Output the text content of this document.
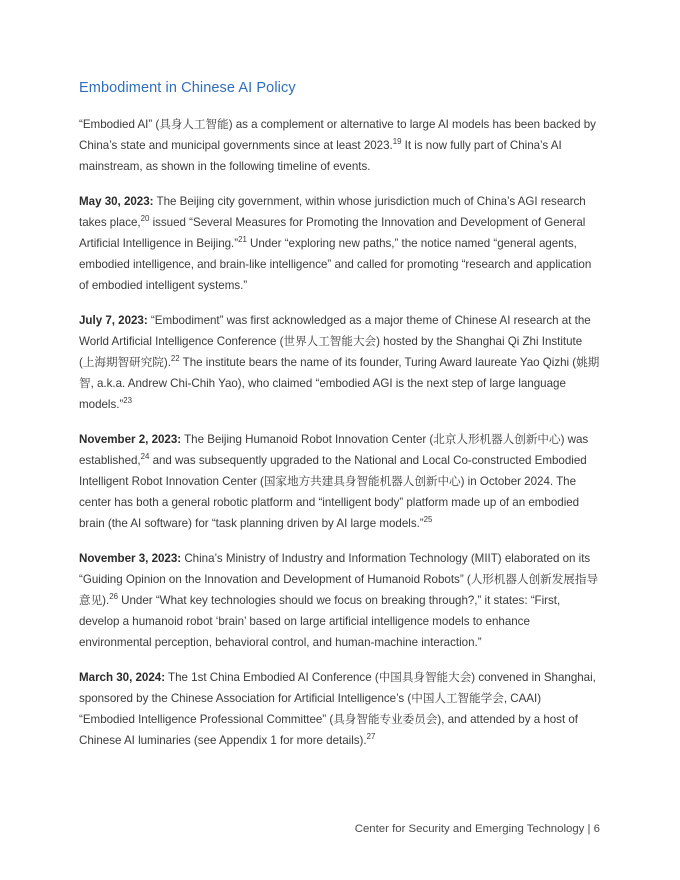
Embodiment in Chinese AI Policy

“Embodied AI” (具身人工智能) as a complement or alternative to large AI models has been backed by China’s state and municipal governments since at least 2023.19 It is now fully part of China’s AI mainstream, as shown in the following timeline of events.

May 30, 2023: The Beijing city government, within whose jurisdiction much of China’s AGI research takes place,$^{20}$ issued “Several Measures for Promoting the Innovation and Development of General Artificial Intelligence in Beijing.”$^{21}$ Under “exploring new paths,” the notice named “general agents, embodied intelligence, and brain-like intelligence” and called for promoting “research and application of embodied intelligent systems.”

July 7, 2023: “Embodiment” was first acknowledged as a major theme of Chinese AI research at the World Artificial Intelligence Conference (世界人工智能大会) hosted by the Shanghai Qi Zhi Institute (上海期智研究院).$^{22}$ The institute bears the name of its founder, Turing Award laureate Yao Qizhi (姚期智, a.k.a. Andrew Chi-Chih Yao), who claimed “embodied AGI is the next step of large language models.”$^{23}$

November 2, 2023: The Beijing Humanoid Robot Innovation Center (北京人形机器人创新中心) was established,$^{24}$ and was subsequently upgraded to the National and Local Co-constructed Embodied Intelligent Robot Innovation Center (国家地方共建具身智能机器人创新中心) in October 2024. The center has both a general robotic platform and “intelligent body” platform made up of an embodied brain (the AI software) for “task planning driven by AI large models.”$^{25}$

November 3, 2023: China’s Ministry of Industry and Information Technology (MIIT) elaborated on its “Guiding Opinion on the Innovation and Development of Humanoid Robots” (人形机器人创新发展指导意见).$^{26}$ Under “What key technologies should we focus on breaking through?,” it states: “First, develop a humanoid robot ‘brain’ based on large artificial intelligence models to enhance environmental perception, behavioral control, and human-machine interaction.”

March 30, 2024: The 1st China Embodied AI Conference (中国具身智能大会) convened in Shanghai, sponsored by the Chinese Association for Artificial Intelligence’s (中国人工智能学会, CAAI) “Embodied Intelligence Professional Committee” (具身智能专业委员会), and attended by a host of Chinese AI luminaries (see Appendix 1 for more details).$^{27}$

Center for Security and Emerging Technology | 6
